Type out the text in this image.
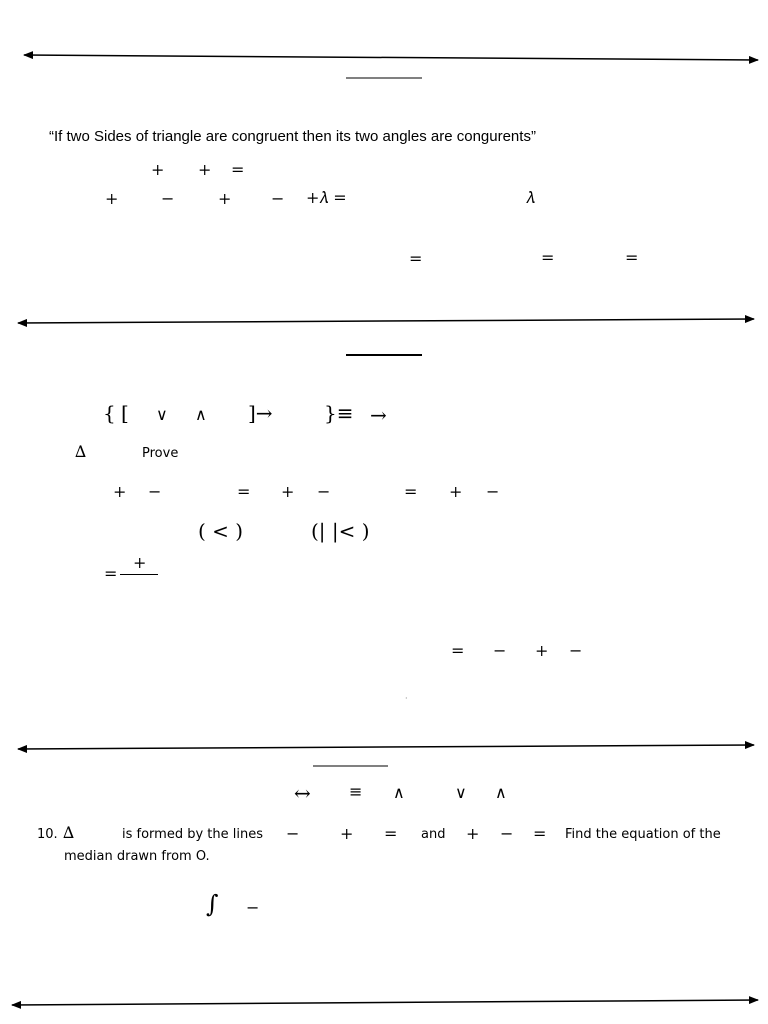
“If two Sides of triangle are congruent then its two angles are congurents”
+ + =
+	−	+ − +𝜆 =	𝜆
=	=	=
{ [ ∨ ∧ ]→	}≡ →
∆	Prove
+ −	= + −	= + −
( < )	(| |< )
=
+
= − + −
·
↔ ≡ ∧	∨ ∧
10. ∆	is formed by the lines −	+ = and + − = Find the equation of the
median drawn from O.
∫ −
